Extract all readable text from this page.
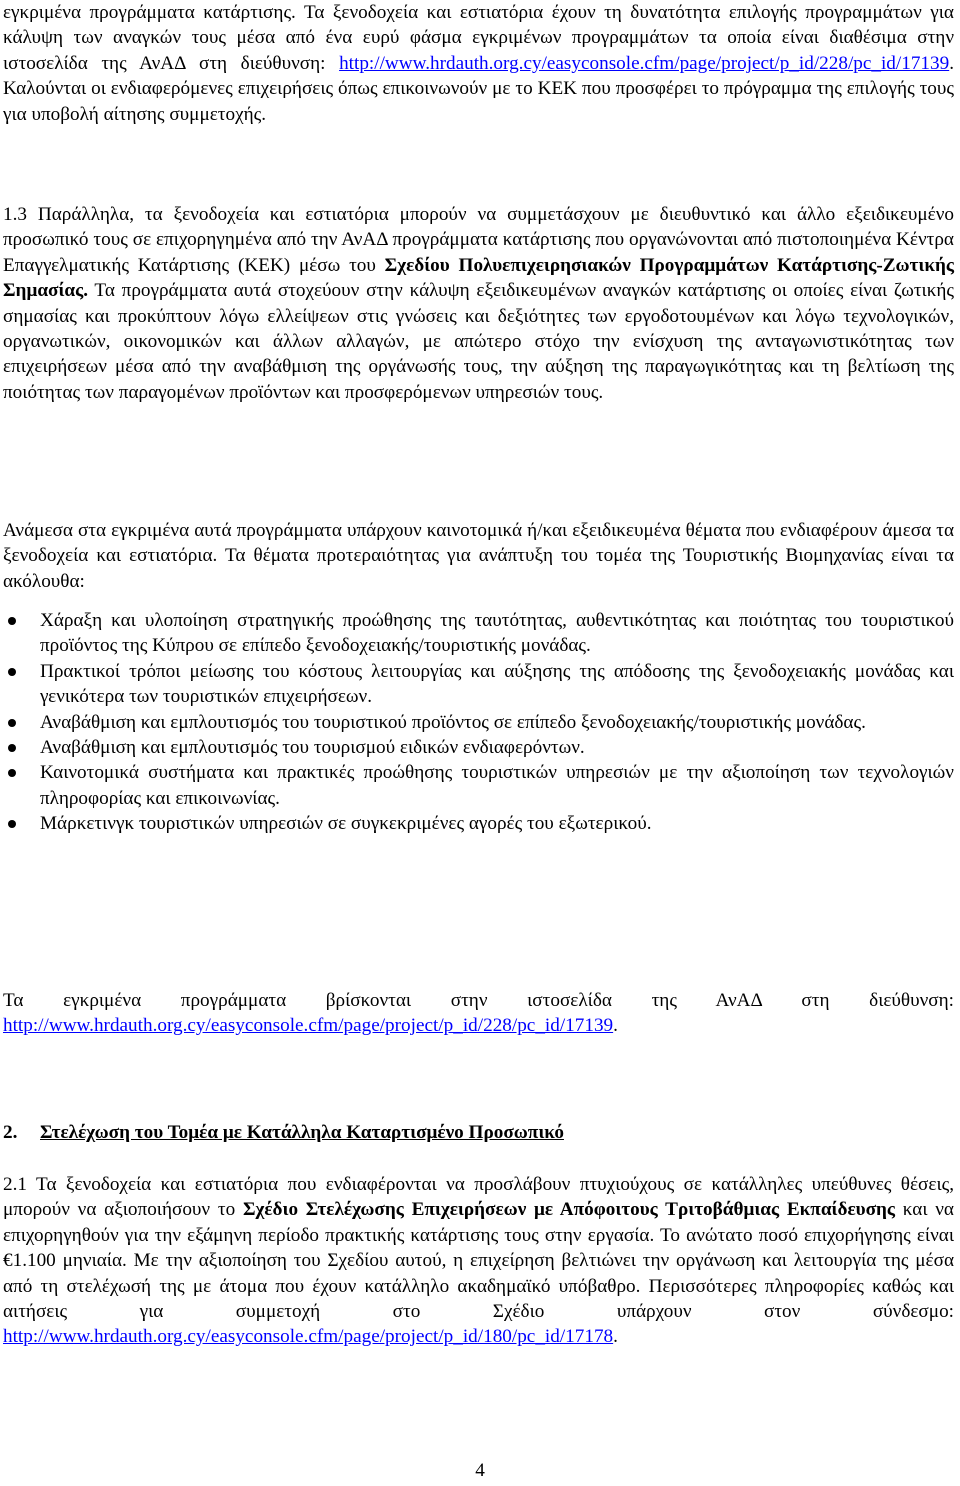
εγκριμένα προγράμματα κατάρτισης. Τα ξενοδοχεία και εστιατόρια έχουν τη δυνατότητα επιλογής προγραμμάτων για κάλυψη των αναγκών τους μέσα από ένα ευρύ φάσμα εγκριμένων προγραμμάτων τα οποία είναι διαθέσιμα στην ιστοσελίδα της ΑνΑΔ στη διεύθυνση: http://www.hrdauth.org.cy/easyconsole.cfm/page/project/p_id/228/pc_id/17139. Καλούνται οι ενδιαφερόμενες επιχειρήσεις όπως επικοινωνούν με το ΚΕΚ που προσφέρει το πρόγραμμα της επιλογής τους για υποβολή αίτησης συμμετοχής.

1.3 Παράλληλα, τα ξενοδοχεία και εστιατόρια μπορούν να συμμετάσχουν με διευθυντικό και άλλο εξειδικευμένο προσωπικό τους σε επιχορηγημένα από την ΑνΑΔ προγράμματα κατάρτισης που οργανώνονται από πιστοποιημένα Κέντρα Επαγγελματικής Κατάρτισης (ΚΕΚ) μέσω του Σχεδίου Πολυεπιχειρησιακών Προγραμμάτων Κατάρτισης-Ζωτικής Σημασίας. Τα προγράμματα αυτά στοχεύουν στην κάλυψη εξειδικευμένων αναγκών κατάρτισης οι οποίες είναι ζωτικής σημασίας και προκύπτουν λόγω ελλείψεων στις γνώσεις και δεξιότητες των εργοδοτουμένων και λόγω τεχνολογικών, οργανωτικών, οικονομικών και άλλων αλλαγών, με απώτερο στόχο την ενίσχυση της ανταγωνιστικότητας των επιχειρήσεων μέσα από την αναβάθμιση της οργάνωσής τους, την αύξηση της παραγωγικότητας και τη βελτίωση της ποιότητας των παραγομένων προϊόντων και προσφερόμενων υπηρεσιών τους.

Ανάμεσα στα εγκριμένα αυτά προγράμματα υπάρχουν καινοτομικά ή/και εξειδικευμένα θέματα που ενδιαφέρουν άμεσα τα ξενοδοχεία και εστιατόρια. Τα θέματα προτεραιότητας για ανάπτυξη του τομέα της Τουριστικής Βιομηχανίας είναι τα ακόλουθα:

Χάραξη και υλοποίηση στρατηγικής προώθησης της ταυτότητας, αυθεντικότητας και ποιότητας του τουριστικού προϊόντος της Κύπρου σε επίπεδο ξενοδοχειακής/τουριστικής μονάδας.
Πρακτικοί τρόποι μείωσης του κόστους λειτουργίας και αύξησης της απόδοσης της ξενοδοχειακής μονάδας και γενικότερα των τουριστικών επιχειρήσεων.
Αναβάθμιση και εμπλουτισμός του τουριστικού προϊόντος σε επίπεδο ξενοδοχειακής/τουριστικής μονάδας.
Αναβάθμιση και εμπλουτισμός του τουρισμού ειδικών ενδιαφερόντων.
Καινοτομικά συστήματα και πρακτικές προώθησης τουριστικών υπηρεσιών με την αξιοποίηση των τεχνολογιών πληροφορίας και επικοινωνίας.
Μάρκετινγκ τουριστικών υπηρεσιών σε συγκεκριμένες αγορές του εξωτερικού.

Τα εγκριμένα προγράμματα βρίσκονται στην ιστοσελίδα της ΑνΑΔ στη διεύθυνση: http://www.hrdauth.org.cy/easyconsole.cfm/page/project/p_id/228/pc_id/17139.

2. Στελέχωση του Τομέα με Κατάλληλα Καταρτισμένο Προσωπικό

2.1 Τα ξενοδοχεία και εστιατόρια που ενδιαφέρονται να προσλάβουν πτυχιούχους σε κατάλληλες υπεύθυνες θέσεις, μπορούν να αξιοποιήσουν το Σχέδιο Στελέχωσης Επιχειρήσεων με Απόφοιτους Τριτοβάθμιας Εκπαίδευσης και να επιχορηγηθούν για την εξάμηνη περίοδο πρακτικής κατάρτισης τους στην εργασία. Το ανώτατο ποσό επιχορήγησης είναι €1.100 μηνιαία. Με την αξιοποίηση του Σχεδίου αυτού, η επιχείρηση βελτιώνει την οργάνωση και λειτουργία της μέσα από τη στελέχωσή της με άτομα που έχουν κατάλληλο ακαδημαϊκό υπόβαθρο. Περισσότερες πληροφορίες καθώς και αιτήσεις για συμμετοχή στο Σχέδιο υπάρχουν στον σύνδεσμο: http://www.hrdauth.org.cy/easyconsole.cfm/page/project/p_id/180/pc_id/17178.

4
